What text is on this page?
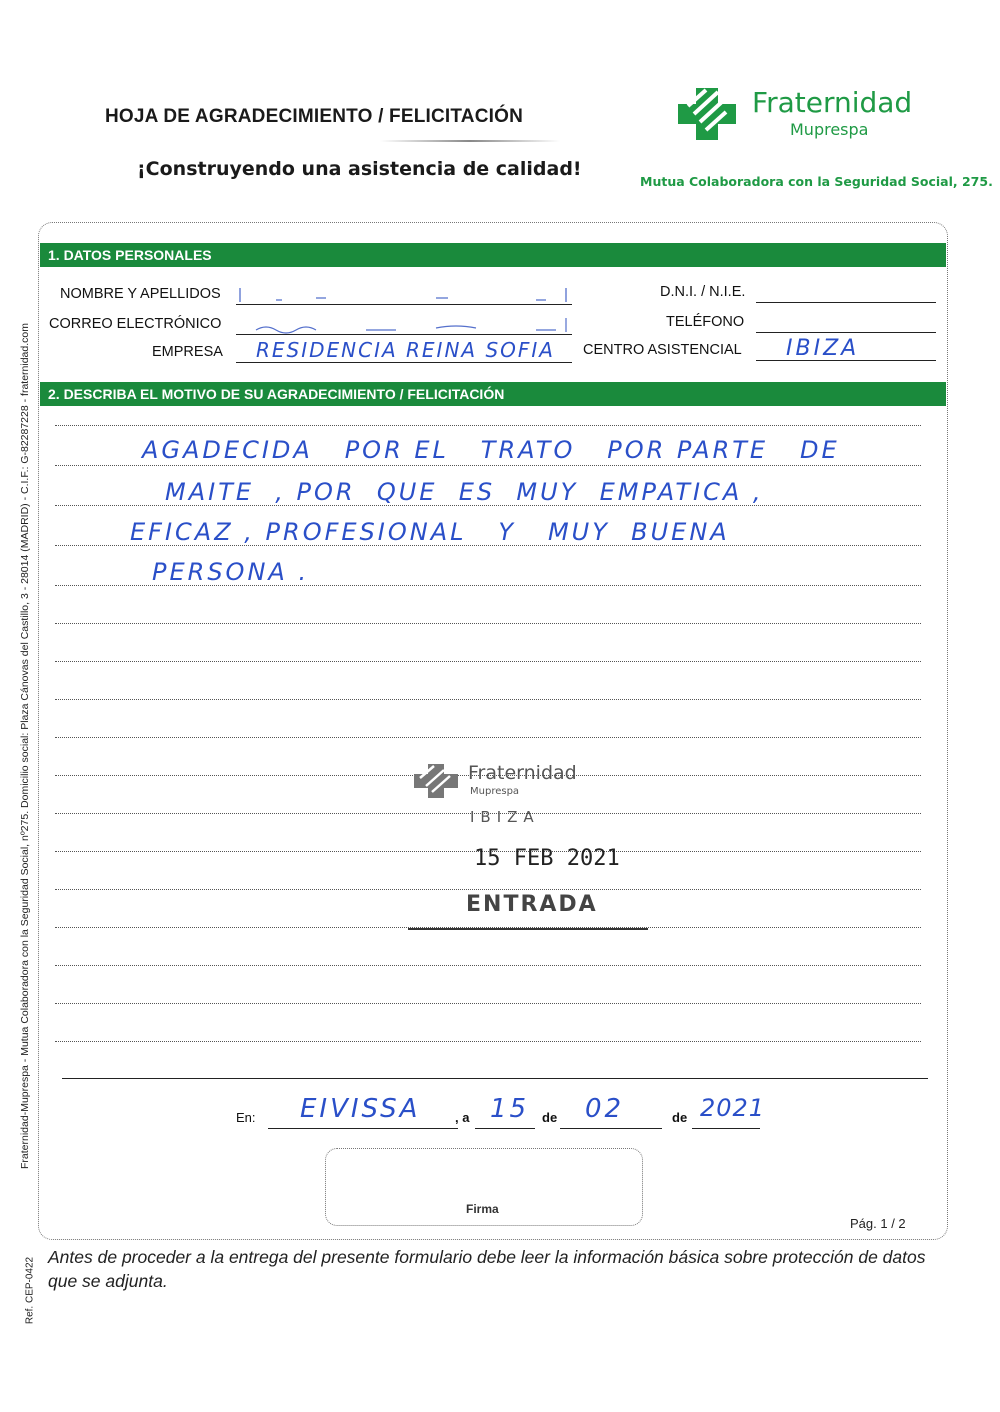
HOJA DE AGRADECIMIENTO / FELICITACIÓN
¡Construyendo una asistencia de calidad!
Fraternidad
Muprespa
Mutua Colaboradora con la Seguridad Social, 275.
1. DATOS PERSONALES
NOMBRE Y APELLIDOS
CORREO ELECTRÓNICO
EMPRESA RESIDENCIA REINA SOFIA
D.N.I. / N.I.E.
TELÉFONO
CENTRO ASISTENCIAL IBIZA
2. DESCRIBA EL MOTIVO DE SU AGRADECIMIENTO / FELICITACIÓN
AGADECIDA   POR EL   TRATO   POR PARTE   DE
MAITE  , POR  QUE  ES  MUY  EMPATICA ,
EFICAZ , PROFESIONAL   Y   MUY  BUENA
PERSONA .
Fraternidad
Muprespa
IBIZA
15 FEB 2021
ENTRADA
En: EIVISSA	, a 15 de 02	de 2021
Firma
Pág. 1 / 2
Antes de proceder a la entrega del presente formulario debe leer la información básica sobre protección de datos que se adjunta.
Fraternidad-Muprespa - Mutua Colaboradora con la Seguridad Social, nº275. Domicilio social: Plaza Cánovas del Castillo, 3 - 28014 (MADRID) - C.I.F.: G-82287228 - fraternidad.com
Ref. CEP-0422
